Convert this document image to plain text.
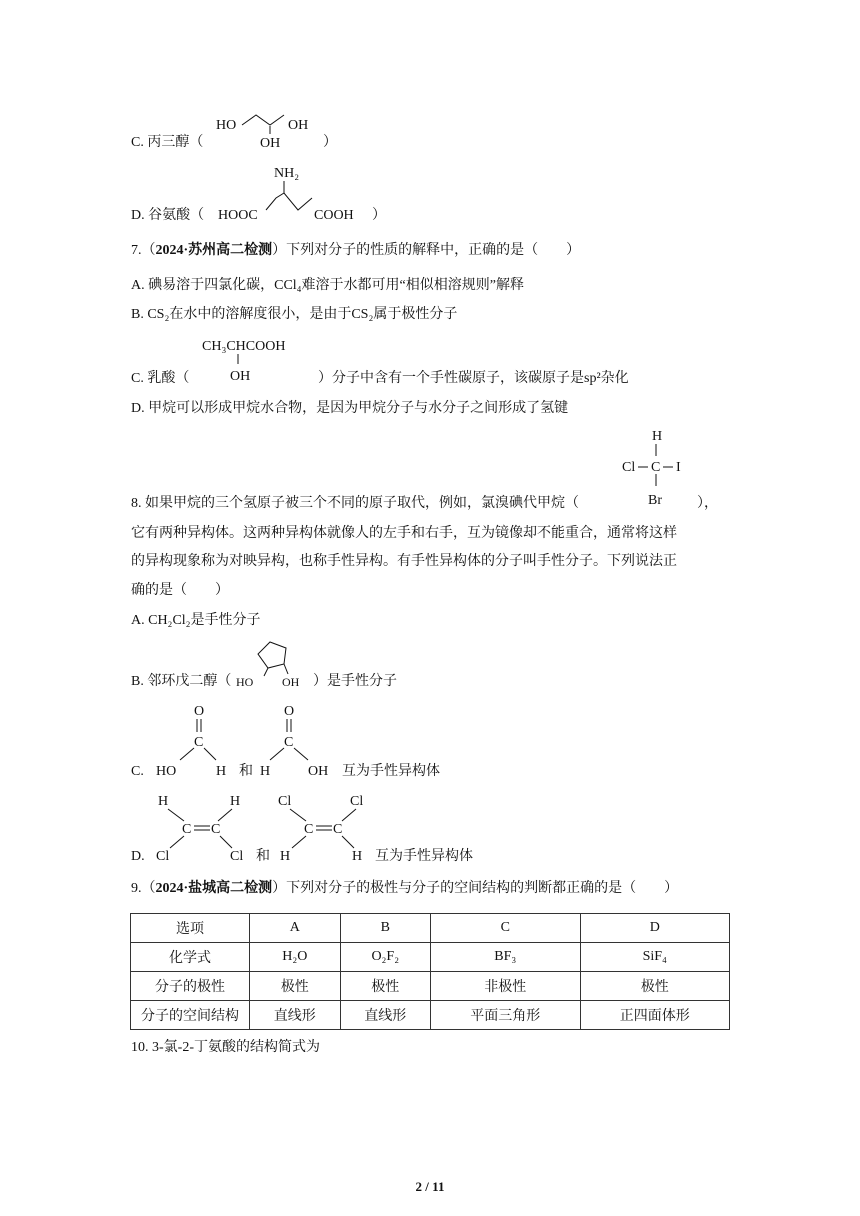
C. 丙三醇（
HO	OH
OH	）
D. 谷氨酸（
NH₂
HOOC	COOH ）
7.（2024·苏州高二检测）下列对分子的性质的解释中，正确的是（　　）
A. 碘易溶于四氯化碳，CCl₄难溶于水都可用“相似相溶规则”解释
B. CS₂在水中的溶解度很小，是由于CS₂属于极性分子
C. 乳酸（
CH₃CHCOOH
OH	）分子中含有一个手性碳原子，该碳原子是sp²杂化
D. 甲烷可以形成甲烷水合物，是因为甲烷分子与水分子之间形成了氢键
H
Cl C I
Br
8. 如果甲烷的三个氢原子被三个不同的原子取代，例如，氯溴碘代甲烷（	），
它有两种异构体。这两种异构体就像人的左手和右手，互为镜像却不能重合，通常将这样
的异构现象称为对映异构，也称手性异构。有手性异构体的分子叫手性分子。下列说法正
确的是（　　）
A. CH₂Cl₂是手性分子
B. 邻环戊二醇（ HO OH ）是手性分子
C.
O
C
HO	H 和
O
C
H	OH 互为手性异构体
D.
H	H
C C
Cl	Cl 和
Cl	Cl
C C
H	H 互为手性异构体
9.（2024·盐城高二检测）下列对分子的极性与分子的空间结构的判断都正确的是（　　）
选项	A	B	C	D
化学式	H₂O	O₂F₂	BF₃	SiF₄
分子的极性	极性	极性	非极性	极性
分子的空间结构	直线形	直线形	平面三角形	正四面体形
10. 3-氯-2-丁氨酸的结构简式为
2 / 11
